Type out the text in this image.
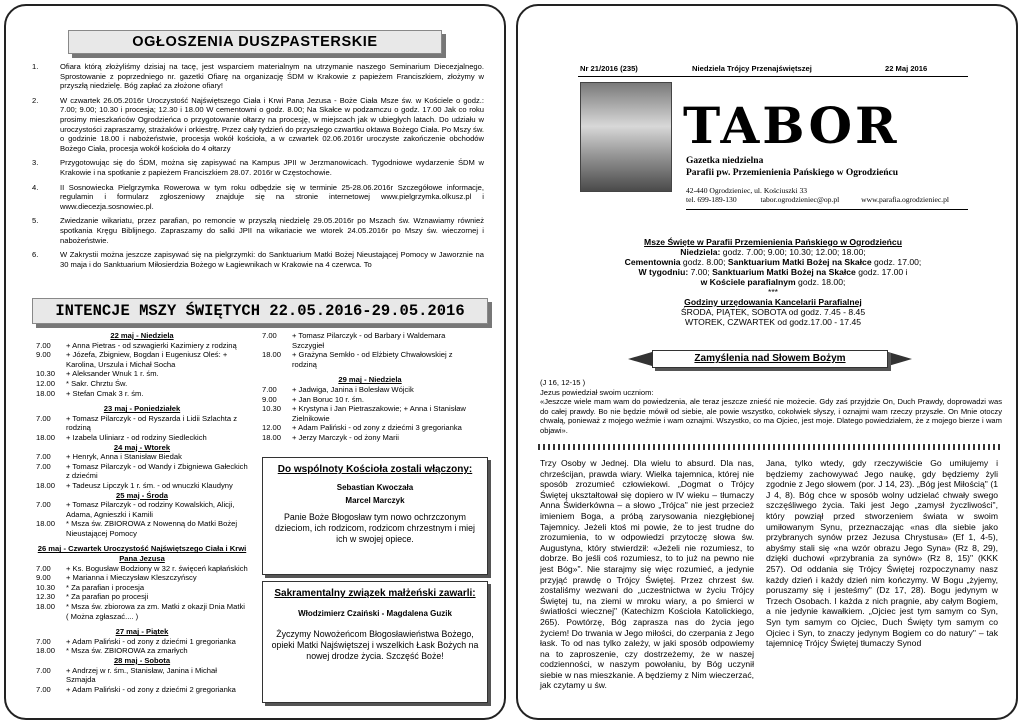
OGŁOSZENIA DUSZPASTERSKIE
1.	Ofiara którą złożyliśmy dzisiaj na tacę, jest wsparciem materialnym na utrzymanie naszego Seminarium Diecezjalnego. Sprostowanie z poprzedniego nr. gazetki Ofiarę na organizację ŚDM w Krakowie z papieżem Franciszkiem, złożymy w przyszłą niedzielę. Bóg zapłać za złożone ofiary!
2.	W czwartek 26.05.2016r Uroczystość Najświętszego Ciała i Krwi Pana Jezusa - Boże Ciała Msze św. w Kościele o godz.: 7.00; 9.00; 10.30 i procesja; 12.30 i 18.00 W cementowni o godz. 8.00; Na Skałce w podzamczu o godz. 17.00 Jak co roku prosimy mieszkańców Ogrodzieńca o przygotowanie ołtarzy na procesję, w miejscach jak w ubiegłych latach. Do udziału w uroczystości zapraszamy, strażaków i orkiestrę. Przez cały tydzień do przyszłego czwartku oktawa Bożego Ciała. Po Mszy św. o godzinie 18.00 i nabożeństwie, procesja wokół kościoła, a w czwartek 02.06.2016r uroczyste zakończenie obchodów Bożego Ciała, procesja wokół kościoła do 4 ołtarzy
3.	Przygotowując się do ŚDM, można się zapisywać na Kampus JPII w Jerzmanowicach. Tygodniowe wydarzenie ŚDM w Krakowie i na spotkanie z papieżem Franciszkiem 28.07. 2016r w Częstochowie.
4.	II Sosnowiecka Pielgrzymka Rowerowa w tym roku odbędzie się w terminie 25-28.06.2016r Szczegółowe informacje, regulamin i formularz zgłoszeniowy znajduje się na stronie internetowej www.pielgrzymka.olkusz.pl i www.diecezja.sosnowiec.pl.
5.	Zwiedzanie wikariatu, przez parafian, po remoncie w przyszłą niedzielę 29.05.2016r po Mszach św. Wznawiamy również spotkania Kręgu Biblijnego. Zapraszamy do salki JPII na wikariacie we wtorek 24.05.2016r po Mszy św. wieczornej i nabożeństwie.
6.	W Zakrystii można jeszcze zapisywać się na pielgrzymki: do Sanktuarium Matki Bożej Nieustającej Pomocy w Jaworznie na 30 maja i do Sanktuarium Miłosierdzia Bożego w Łagiewnikach w Krakowie na 4 czerwca. To
INTENCJE MSZY ŚWIĘTYCH 22.05.2016-29.05.2016
22 maj - Niedziela
7.00	+ Anna Pietras - od szwagierki Kazimiery z rodziną
9.00	+ Józefa, Zbigniew, Bogdan i Eugeniusz Oleś: + Karolina, Urszula i Michał Socha
10.30	+ Aleksander Wnuk 1 r. śm.
12.00	* Sakr. Chrztu Św.
18.00	+ Stefan Cmak 3 r. śm.
23 maj - Poniedziałek
7.00	+ Tomasz Pilarczyk - od Ryszarda i Lidii Szlachta z rodziną
18.00	+ Izabela Uliniarz - od rodziny Siedleckich
24 maj - Wtorek
7.00	+ Henryk, Anna i Stanisław Biedak
7.00	+ Tomasz Pilarczyk - od Wandy i Zbigniewa Gałeckich z dziećmi
18.00	+ Tadeusz Lipczyk 1 r. śm. - od wnuczki Klaudyny
25 maj - Środa
7.00	+ Tomasz Pilarczyk - od rodziny Kowalskich, Alicji, Adama, Agnieszki i Kamili
18.00	* Msza św. ZBIOROWA z Nowenną do Matki Bożej Nieustającej Pomocy
26 maj - Czwartek Uroczystość Najświętszego Ciała i Krwi Pana Jezusa
7.00	+ Ks. Bogusław Bodziony w 32 r. święceń kapłańskich
9.00	+ Marianna i Mieczysław Kleszczyńscy
10.30	* Za parafian i procesja
12.30	* Za parafian po procesji
18.00	* Msza św. zbiorowa za zm. Matki z okazji Dnia Matki ( Można zgłaszać.... )
27 maj - Piątek
7.00	+ Adam Paliński - od zony z dziećmi 1 gregorianka
18.00	* Msza św. ZBIOROWA za zmarłych
28 maj - Sobota
7.00	+ Andrzej w r. śm., Stanisław, Janina i Michał Szmajda
7.00	+ Adam Paliński - od zony z dziećmi 2 gregorianka
7.00	+ Tomasz Pilarczyk - od Barbary i Waldemara Szczygieł
18.00	+ Grażyna Semkło - od Elżbiety Chwałowskiej z rodziną
29 maj - Niedziela
7.00	+ Jadwiga, Janina i Bolesław Wójcik
9.00	+ Jan Boruc 10 r. śm.
10.30	+ Krystyna i Jan Pietraszakowie; + Anna i Stanisław Zielnikowie
12.00	+ Adam Paliński - od zony z dziećmi 3 gregorianka
18.00	+ Jerzy Marczyk - od żony Marii
Do wspólnoty Kościoła zostali włączony:
Sebastian Kwoczała
Marcel Marczyk
Panie Boże Błogosław tym nowo ochrzczonym dzieciom, ich rodzicom, rodzicom chrzestnym i miej ich w swojej opiece.
Sakramentalny związek małżeński zawarli:
Włodzimierz Czaiński - Magdalena Guzik
Życzymy Nowożeńcom Błogosławieństwa Bożego, opieki Matki Najświętszej i wszelkich Łask Bożych na nowej drodze życia. Szczęść Boże!
Nr 21/2016 (235)	Niedziela Trójcy Przenajświętszej	22 Maj 2016
TABOR
Gazetka niedzielna
Parafii pw. Przemienienia Pańskiego w Ogrodzieńcu
42-440 Ogrodzieniec, ul. Kościuszki 33
tel. 699-189-130	tabor.ogrodzieniec@op.pl	www.parafia.ogrodzieniec.pl
Msze Święte w Parafii Przemienienia Pańskiego w Ogrodzieńcu
Niedziela: godz. 7.00; 9.00; 10.30; 12.00; 18.00;
Cementownia godz. 8.00; Sanktuarium Matki Bożej na Skałce godz. 17.00;
W tygodniu: 7.00; Sanktuarium Matki Bożej na Skałce godz. 17.00 i
w Kościele parafialnym godz. 18.00;
***
Godziny urzędowania Kancelarii Parafialnej
ŚRODA, PIĄTEK, SOBOTA od godz. 7.45 - 8.45
WTOREK, CZWARTEK od godz.17.00 - 17.45
Zamyślenia nad Słowem Bożym
(J 16, 12-15 )
Jezus powiedział swoim uczniom:
«Jeszcze wiele mam wam do powiedzenia, ale teraz jeszcze znieść nie możecie. Gdy zaś przyjdzie On, Duch Prawdy, doprowadzi was do całej prawdy. Bo nie będzie mówił od siebie, ale powie wszystko, cokolwiek słyszy, i oznajmi wam rzeczy przyszłe. On Mnie otoczy chwałą, ponieważ z mojego weźmie i wam oznajmi. Wszystko, co ma Ojciec, jest moje. Dlatego powiedziałem, że z mojego bierze i wam objawi».
Trzy Osoby w Jednej. Dla wielu to absurd. Dla nas, chrześcijan, prawda wiary. Wielka tajemnica, której nie sposób zrozumieć człowiekowi. „Dogmat o Trójcy Świętej ukształtował się dopiero w IV wieku – tłumaczy Anna Świderkówna – a słowo „Trójca" nie jest przecież imieniem Boga, a próbą zarysowania niezgłębionej Tajemnicy. Jeżeli ktoś mi powie, że to jest trudne do zrozumienia, to w odpowiedzi przytoczę słowa św. Augustyna, który stwierdził: «Jeżeli nie rozumiesz, to dobrze. Bo jeśli coś rozumiesz, to to już na pewno nie jest Bóg»". Nie starajmy się więc rozumieć, a jedynie przyjąć prawdę o Trójcy Świętej. Przez chrzest św. zostaliśmy wezwani do „uczestnictwa w życiu Trójcy Świętej tu, na ziemi w mroku wiary, a po śmierci w światłości wiecznej" (Katechizm Kościoła Katolickiego, 265). Powtórzę, Bóg zaprasza nas do życia jego życiem! Do trwania w Jego miłości, do czerpania z Jego łask. To od nas tylko zależy, w jaki sposób odpowiemy na to zaproszenie, czy dostrzeżemy, że w naszej codzienności, w naszym powołaniu, by Bóg uczynił siebie w nas mieszkanie. A będziemy z Nim wieczerzać, jak czytamy u św.
Jana, tylko wtedy, gdy rzeczywiście Go umiłujemy i będziemy zachowywać Jego naukę, gdy będziemy żyli zgodnie z Jego słowem (por. J 14, 23). „Bóg jest Miłością" (1 J 4, 8). Bóg chce w sposób wolny udzielać chwały swego szczęśliwego życia. Taki jest Jego „zamysł życzliwości", który powziął przed stworzeniem świata w swoim umiłowanym Synu, przeznaczając «nas dla siebie jako przybranych synów przez Jezusa Chrystusa» (Ef 1, 4-5), abyśmy stali się «na wzór obrazu Jego Syna» (Rz 8, 29), dzięki duchowi «przybrania za synów» (Rz 8, 15)" (KKK 257). Od oddania się Trójcy Świętej rozpoczynamy nasz każdy dzień i każdy dzień nim kończymy. W Bogu „żyjemy, poruszamy się i jesteśmy" (Dz 17, 28). Bogu jedynym w Trzech Osobach. I każda z nich pragnie, aby całym Bogiem, a nie jedynie kawałkiem. „Ojciec jest tym samym co Syn, Syn tym samym co Ojciec, Duch Święty tym samym co Ojciec i Syn, to znaczy jedynym Bogiem co do natury" – tak tajemnicę Trójcy Świętej tłumaczy Synod
